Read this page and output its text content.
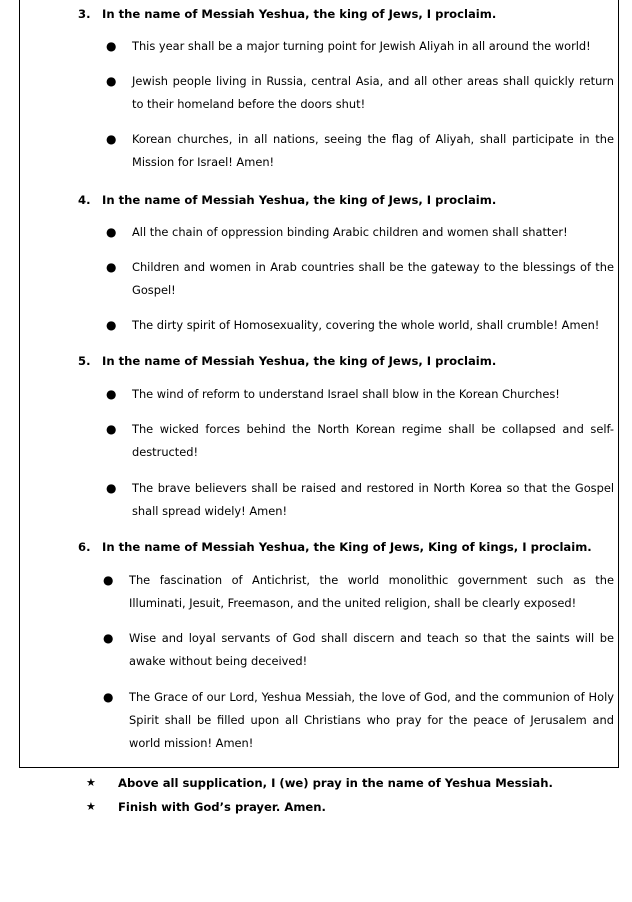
3. In the name of Messiah Yeshua, the king of Jews, I proclaim.
● This year shall be a major turning point for Jewish Aliyah in all around the world!
● Jewish people living in Russia, central Asia, and all other areas shall quickly return to their homeland before the doors shut!
● Korean churches, in all nations, seeing the flag of Aliyah, shall participate in the Mission for Israel! Amen!
4. In the name of Messiah Yeshua, the king of Jews, I proclaim.
● All the chain of oppression binding Arabic children and women shall shatter!
● Children and women in Arab countries shall be the gateway to the blessings of the Gospel!
● The dirty spirit of Homosexuality, covering the whole world, shall crumble! Amen!
5. In the name of Messiah Yeshua, the king of Jews, I proclaim.
● The wind of reform to understand Israel shall blow in the Korean Churches!
● The wicked forces behind the North Korean regime shall be collapsed and self-destructed!
● The brave believers shall be raised and restored in North Korea so that the Gospel shall spread widely! Amen!
6. In the name of Messiah Yeshua, the King of Jews, King of kings, I proclaim.
● The fascination of Antichrist, the world monolithic government such as the Illuminati, Jesuit, Freemason, and the united religion, shall be clearly exposed!
● Wise and loyal servants of God shall discern and teach so that the saints will be awake without being deceived!
● The Grace of our Lord, Yeshua Messiah, the love of God, and the communion of Holy Spirit shall be filled upon all Christians who pray for the peace of Jerusalem and world mission! Amen!
★ Above all supplication, I (we) pray in the name of Yeshua Messiah.
★ Finish with God’s prayer. Amen.
